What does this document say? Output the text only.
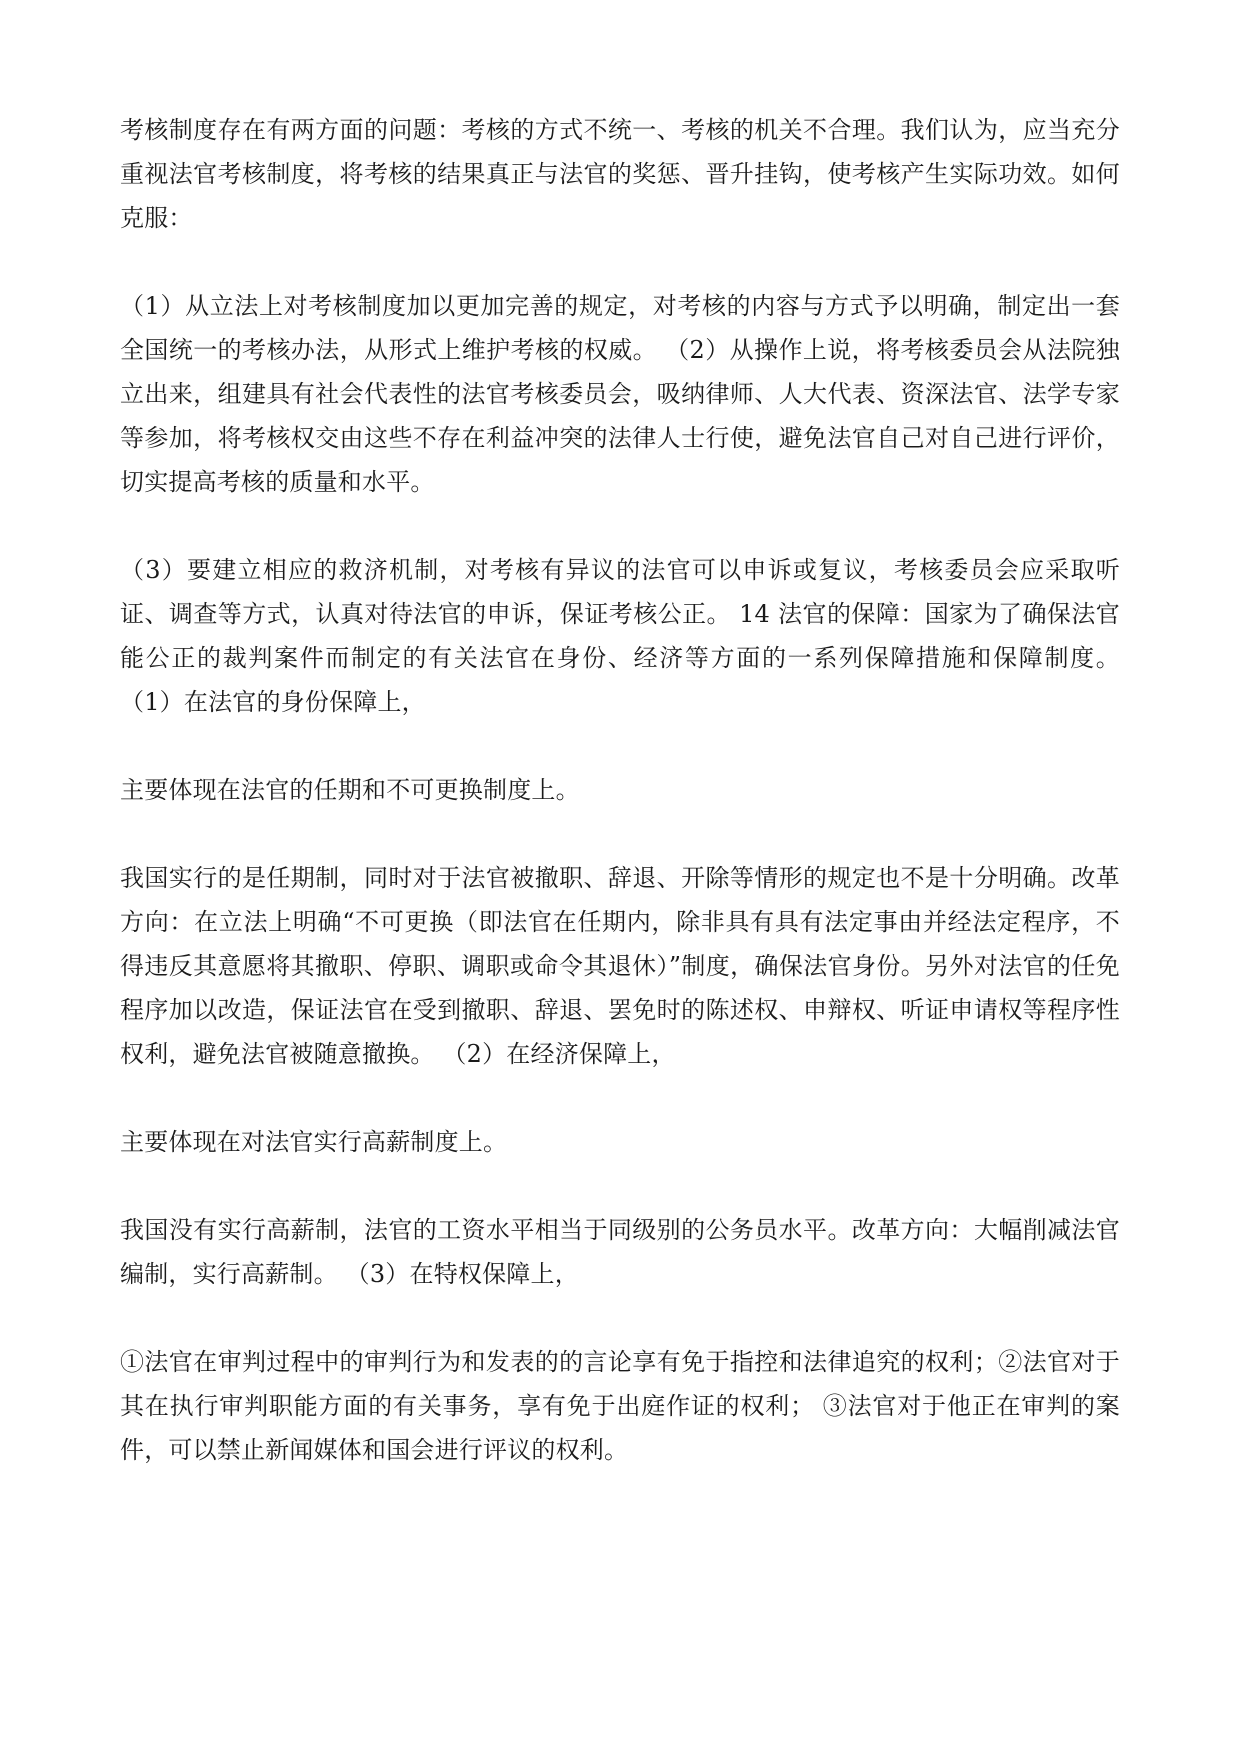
考核制度存在有两方面的问题：考核的方式不统一、考核的机关不合理。我们认为，应当充分重视法官考核制度，将考核的结果真正与法官的奖惩、晋升挂钩，使考核产生实际功效。如何克服：

（1）从立法上对考核制度加以更加完善的规定，对考核的内容与方式予以明确，制定出一套全国统一的考核办法，从形式上维护考核的权威。 （2）从操作上说，将考核委员会从法院独立出来，组建具有社会代表性的法官考核委员会，吸纳律师、人大代表、资深法官、法学专家等参加，将考核权交由这些不存在利益冲突的法律人士行使，避免法官自己对自己进行评价，切实提高考核的质量和水平。

（3）要建立相应的救济机制，对考核有异议的法官可以申诉或复议，考核委员会应采取听证、调查等方式，认真对待法官的申诉，保证考核公正。 14 法官的保障：国家为了确保法官能公正的裁判案件而制定的有关法官在身份、经济等方面的一系列保障措施和保障制度。 （1）在法官的身份保障上，

主要体现在法官的任期和不可更换制度上。

我国实行的是任期制，同时对于法官被撤职、辞退、开除等情形的规定也不是十分明确。改革方向：在立法上明确“不可更换（即法官在任期内，除非具有具有法定事由并经法定程序，不得违反其意愿将其撤职、停职、调职或命令其退休）”制度，确保法官身份。另外对法官的任免程序加以改造，保证法官在受到撤职、辞退、罢免时的陈述权、申辩权、听证申请权等程序性权利，避免法官被随意撤换。 （2）在经济保障上，

主要体现在对法官实行高薪制度上。

我国没有实行高薪制，法官的工资水平相当于同级别的公务员水平。改革方向：大幅削减法官编制，实行高薪制。 （3）在特权保障上，

①法官在审判过程中的审判行为和发表的的言论享有免于指控和法律追究的权利；②法官对于其在执行审判职能方面的有关事务，享有免于出庭作证的权利； ③法官对于他正在审判的案件，可以禁止新闻媒体和国会进行评议的权利。
